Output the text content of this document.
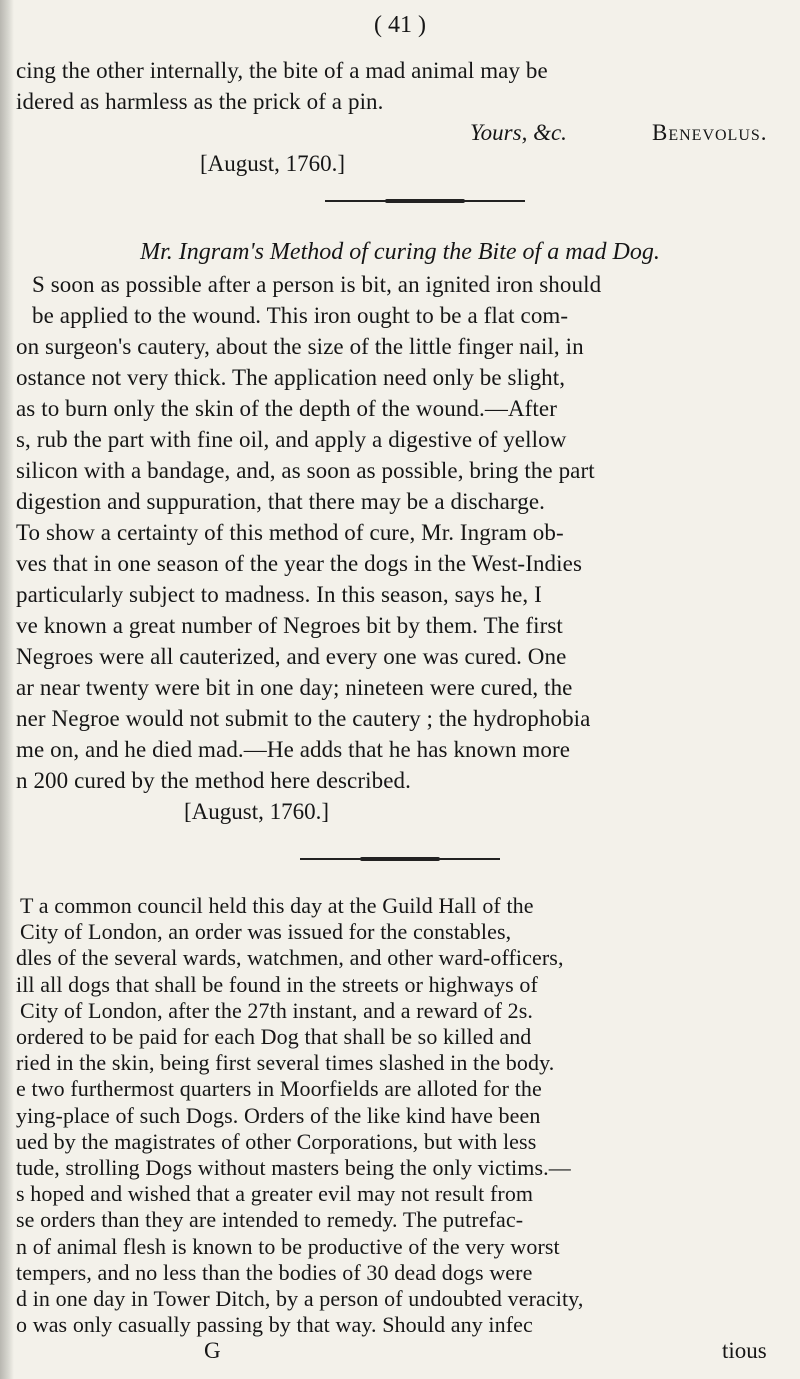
( 41 )
cing the other internally, the bite of a mad animal may be
idered as harmless as the prick of a pin.
Yours, &c.	Benevolus.
[August, 1760.]
Mr. Ingram's Method of curing the Bite of a mad Dog.
S soon as possible after a person is bit, an ignited iron should
be applied to the wound. This iron ought to be a flat com-
on surgeon's cautery, about the size of the little finger nail, in
ostance not very thick. The application need only be slight,
as to burn only the skin of the depth of the wound.—After
s, rub the part with fine oil, and apply a digestive of yellow
silicon with a bandage, and, as soon as possible, bring the part
digestion and suppuration, that there may be a discharge.
To show a certainty of this method of cure, Mr. Ingram ob-
ves that in one season of the year the dogs in the West-Indies
particularly subject to madness. In this season, says he, I
ve known a great number of Negroes bit by them. The first
Negroes were all cauterized, and every one was cured. One
ar near twenty were bit in one day; nineteen were cured, the
ner Negroe would not submit to the cautery ; the hydrophobia
me on, and he died mad.—He adds that he has known more
n 200 cured by the method here described.
[August, 1760.]
T a common council held this day at the Guild Hall of the
City of London, an order was issued for the constables,
dles of the several wards, watchmen, and other ward-officers,
ill all dogs that shall be found in the streets or highways of
City of London, after the 27th instant, and a reward of 2s.
ordered to be paid for each Dog that shall be so killed and
ried in the skin, being first several times slashed in the body.
e two furthermost quarters in Moorfields are alloted for the
ying-place of such Dogs. Orders of the like kind have been
ued by the magistrates of other Corporations, but with less
tude, strolling Dogs without masters being the only victims.—
s hoped and wished that a greater evil may not result from
se orders than they are intended to remedy. The putrefac-
n of animal flesh is known to be productive of the very worst
tempers, and no less than the bodies of 30 dead dogs were
d in one day in Tower Ditch, by a person of undoubted veracity,
o was only casually passing by that way. Should any infec
G	tious
